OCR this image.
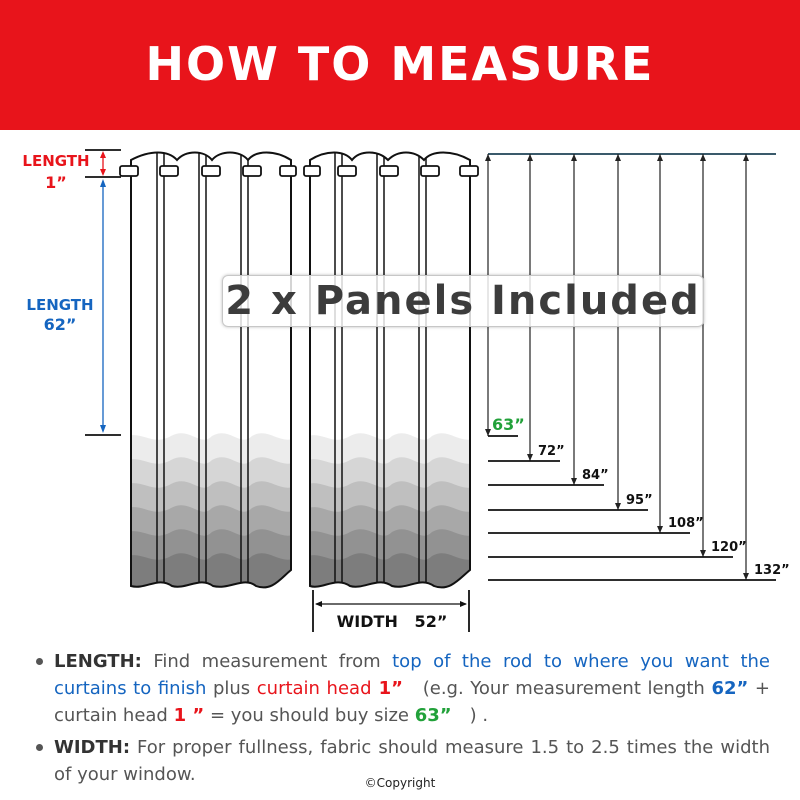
HOW TO MEASURE
LENGTH
1”
LENGTH
62”
WIDTH   52”
63”
72”
84”
95”
108”
120”
132”
2 x Panels Included

LENGTH: Find measurement from top of the rod to where you want the curtains to finish plus curtain head 1”　(e.g. Your measurement length 62” + curtain head 1 ” = you should buy size 63”　) .

WIDTH: For proper fullness, fabric should measure 1.5 to 2.5 times the width of your window.	©Copyright
